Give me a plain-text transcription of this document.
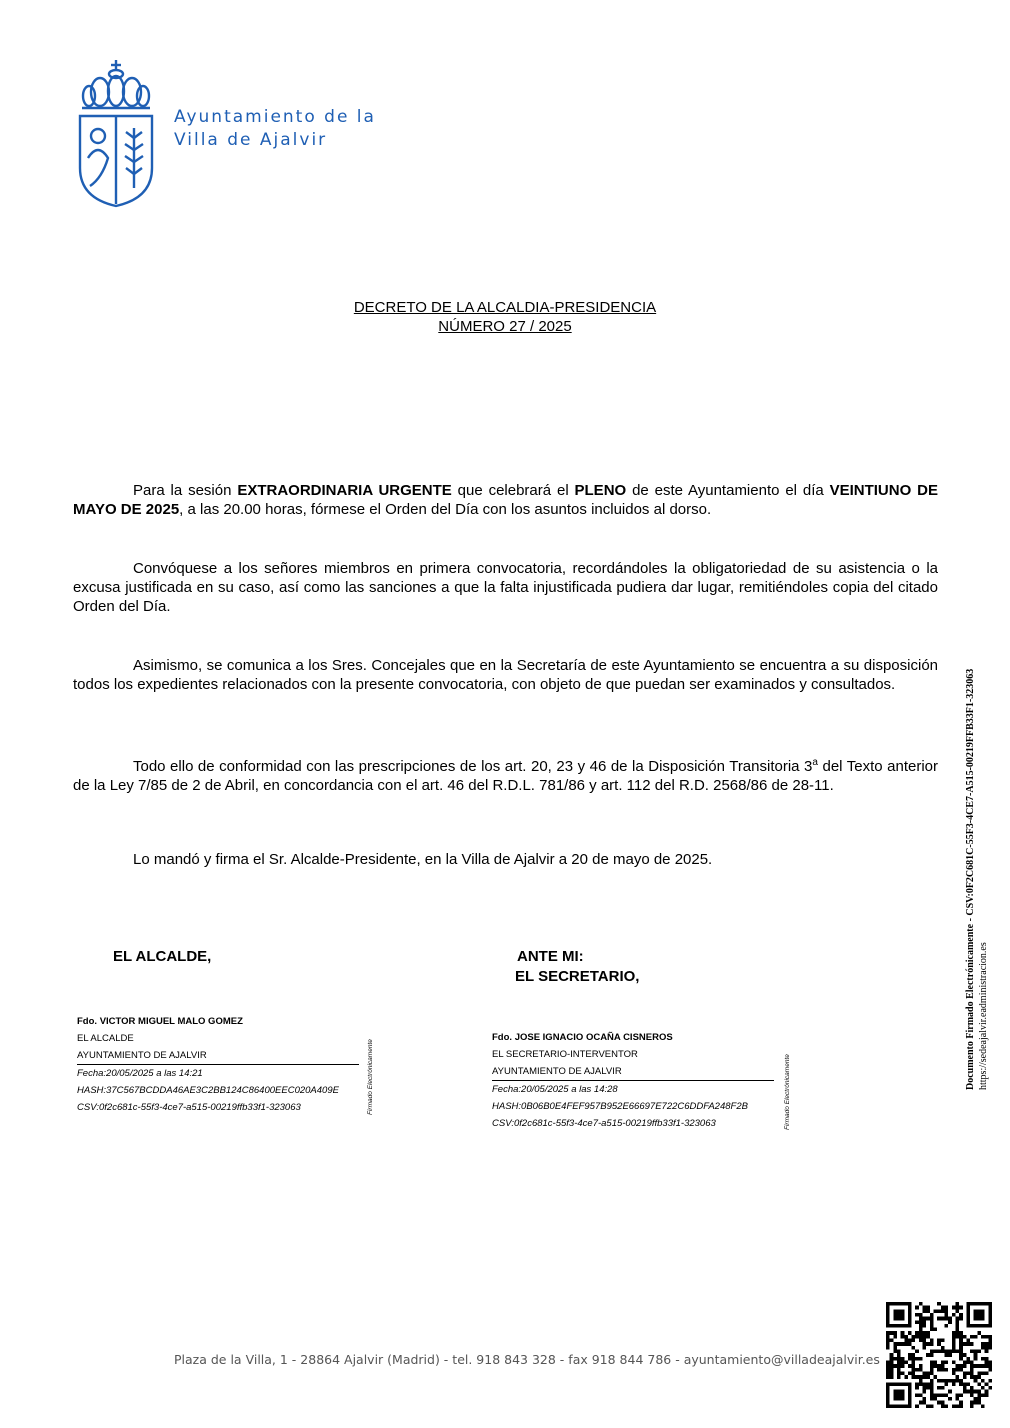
Ayuntamiento de la
Villa de Ajalvir
DECRETO DE LA ALCALDIA-PRESIDENCIA
NÚMERO 27 / 2025
Para la sesión EXTRAORDINARIA URGENTE que celebrará el PLENO de este Ayuntamiento el día VEINTIUNO DE MAYO DE 2025, a las 20.00 horas, fórmese el Orden del Día con los asuntos incluidos al dorso.
Convóquese a los señores miembros en primera convocatoria, recordándoles la obligatoriedad de su asistencia o la excusa justificada en su caso, así como las sanciones a que la falta injustificada pudiera dar lugar, remitiéndoles copia del citado Orden del Día.
Asimismo, se comunica a los Sres. Concejales que en la Secretaría de este Ayuntamiento se encuentra a su disposición todos los expedientes relacionados con la presente convocatoria, con objeto de que puedan ser examinados y consultados.
Todo ello de conformidad con las prescripciones de los art. 20, 23 y 46 de la Disposición Transitoria 3$^a$ del Texto anterior de la Ley 7/85 de 2 de Abril, en concordancia con el art. 46 del R.D.L. 781/86 y art. 112 del R.D. 2568/86 de 28-11.
Lo mandó y firma el Sr. Alcalde-Presidente, en la Villa de Ajalvir a 20 de mayo de 2025.
EL ALCALDE,	ANTE MI:
EL SECRETARIO,
Fdo. VICTOR MIGUEL MALO GOMEZ
EL ALCALDE
AYUNTAMIENTO DE AJALVIR
Fecha:20/05/2025 a las 14:21
HASH:37C567BCDDA46AE3C2BB124C86400EEC020A409E
CSV:0f2c681c-55f3-4ce7-a515-00219ffb33f1-323063	Firmado Electrónicamente
Fdo. JOSE IGNACIO OCAÑA CISNEROS
EL SECRETARIO-INTERVENTOR
AYUNTAMIENTO DE AJALVIR
Fecha:20/05/2025 a las 14:28
HASH:0B06B0E4FEF957B952E66697E722C6DDFA248F2B
CSV:0f2c681c-55f3-4ce7-a515-00219ffb33f1-323063	Firmado Electrónicamente
Documento Firmado Electrónicamente - CSV:0F2C681C-55F3-4CE7-A515-00219FFB33F1-323063 https://sedeajalvir.eadministracion.es
Plaza de la Villa, 1 - 28864 Ajalvir (Madrid) - tel. 918 843 328 - fax 918 844 786 - ayuntamiento@villadeajalvir.es
